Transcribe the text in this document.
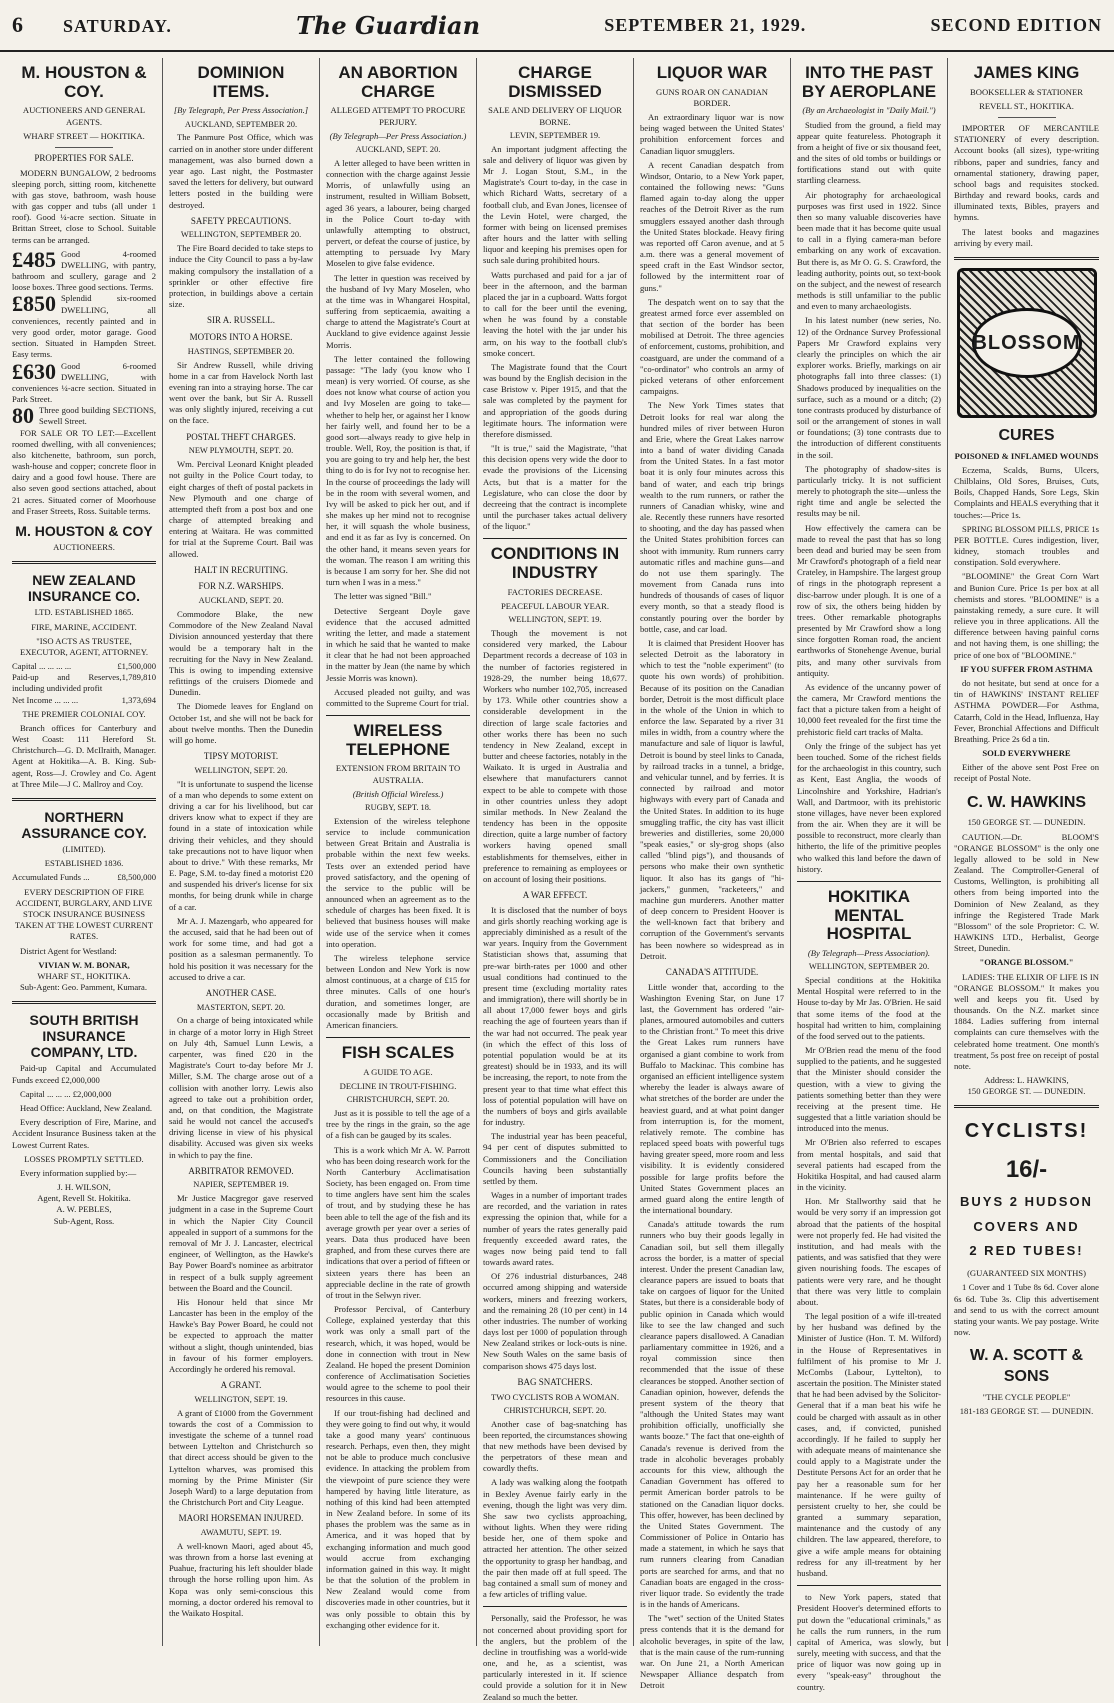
6 SATURDAY.	The Guardian	SEPTEMBER 21, 1929.	SECOND EDITION
M. HOUSTON & COY.
AUCTIONEERS AND GENERAL AGENTS.
WHARF STREET — HOKITIKA.
PROPERTIES FOR SALE.

MODERN BUNGALOW, 2 bedrooms sleeping porch, sitting room, kitchenette with gas stove, bathroom, wash house with gas copper and tubs (all under 1 roof). Good ¼-acre section. Situate in Brittan Street, close to School. Suitable terms can be arranged.

£485 Good 4-roomed DWELLING, with pantry, bathroom and scullery, garage and 2 loose boxes. Three good sections. Terms.
£850 Splendid six-roomed DWELLING, all conveniences, recently painted and in very good order, motor garage. Good section. Situated in Hampden Street. Easy terms.
£630 Good 6-roomed DWELLING, with conveniences ¼-acre section. Situated in Park Street.
80 Three good building SECTIONS, Sewell Street.

FOR SALE OR TO LET:—Excellent roomed dwelling, with all conveniences; also kitchenette, bathroom, sun porch, wash-house and copper; concrete floor in dairy and a good fowl house. There are also seven good sections attached, about 21 acres. Situated corner of Moorhouse and Fraser Streets, Ross. Suitable terms.

M. HOUSTON & COY
AUCTIONEERS.
NEW ZEALAND INSURANCE CO.
LTD. ESTABLISHED 1865.
FIRE, MARINE, ACCIDENT.
"ISO ACTS AS TRUSTEE, EXECUTOR, AGENT, ATTORNEY.
Capital ... ... ... ...	£1,500,000
Paid-up and Reserves, including undivided profit
1,789,810
Net Income ... ... ...	1,373,694
THE PREMIER COLONIAL COY.

Branch offices for Canterbury and West Coast: 111 Hereford St. Christchurch—G. D. McIlraith, Manager. Agent at Hokitika—A. B. King. Sub-agent, Ross—J. Crowley and Co. Agent at Three Mile—J C. Mallroy and Coy.

NORTHERN ASSURANCE COY.
(LIMITED).
ESTABLISHED 1836.
Accumulated Funds ...	£8,500,000
EVERY DESCRIPTION OF FIRE ACCIDENT, BURGLARY, AND LIVE STOCK INSURANCE BUSINESS TAKEN AT THE LOWEST CURRENT RATES.

District Agent for Westland:

VIVIAN W. M. BONAR,
WHARF ST., HOKITIKA.

Sub-Agent: Geo. Pamment, Kumara.

SOUTH BRITISH INSURANCE COMPANY, LTD.

Paid-up Capital and Accumulated Funds exceed £2,000,000

Capital ... ... ... £2,000,000

Head Office: Auckland, New Zealand.

Every description of Fire, Marine, and Accident Insurance Business taken at the Lowest Current Rates.

LOSSES PROMPTLY SETTLED.

Every information supplied by:—

J. H. WILSON,
Agent, Revell St. Hokitika.
A. W. PEBLES,
Sub-Agent, Ross.
DOMINION ITEMS.
[By Telegraph, Per Press Association.]
AUCKLAND, SEPTEMBER 20.

The Panmure Post Office, which was carried on in another store under different management, was also burned down a year ago. Last night, the Postmaster saved the letters for delivery, but outward letters posted in the building were destroyed.

SAFETY PRECAUTIONS.
WELLINGTON, SEPTEMBER 20.

The Fire Board decided to take steps to induce the City Council to pass a by-law making compulsory the installation of a sprinkler or other effective fire protection, in buildings above a certain size.

SIR A. RUSSELL.
MOTORS INTO A HORSE.
HASTINGS, SEPTEMBER 20.

Sir Andrew Russell, while driving home in a car from Havelock North last evening ran into a straying horse. The car went over the bank, but Sir A. Russell was only slightly injured, receiving a cut on the face.

POSTAL THEFT CHARGES.
NEW PLYMOUTH, SEPT. 20.

Wm. Percival Leonard Knight pleaded not guilty in the Police Court today, to eight charges of theft of postal packets in New Plymouth and one charge of attempted theft from a post box and one charge of attempted breaking and entering at Waitara. He was committed for trial at the Supreme Court. Bail was allowed.

HALT IN RECRUITING.
FOR N.Z. WARSHIPS.
AUCKLAND, SEPT. 20.

Commodore Blake, the new Commodore of the New Zealand Naval Division announced yesterday that there would be a temporary halt in the recruiting for the Navy in New Zealand. This is owing to impending extensive refittings of the cruisers Diomede and Dunedin.

The Diomede leaves for England on October 1st, and she will not be back for about twelve months. Then the Dunedin will go home.

TIPSY MOTORIST.
WELLINGTON, SEPT. 20.

"It is unfortunate to suspend the license of a man who depends to some extent on driving a car for his livelihood, but car drivers know what to expect if they are found in a state of intoxication while driving their vehicles, and they should take precautions not to have liquor when about to drive." With these remarks, Mr E. Page, S.M. to-day fined a motorist £20 and suspended his driver's license for six months, for being drunk while in charge of a car.

Mr A. J. Mazengarb, who appeared for the accused, said that he had been out of work for some time, and had got a position as a salesman permanently. To hold his position it was necessary for the accused to drive a car.

ANOTHER CASE.
MASTERTON, SEPT. 20.

On a charge of being intoxicated while in charge of a motor lorry in High Street on July 4th, Samuel Lunn Lewis, a carpenter, was fined £20 in the Magistrate's Court to-day before Mr J. Miller, S.M. The charge arose out of a collision with another lorry. Lewis also agreed to take out a prohibition order, and, on that condition, the Magistrate said he would not cancel the accused's driving license in view of his physical disability. Accused was given six weeks in which to pay the fine.

ARBITRATOR REMOVED.
NAPIER, SEPTEMBER 19.

Mr Justice Macgregor gave reserved judgment in a case in the Supreme Court in which the Napier City Council appealed in support of a summons for the removal of Mr J. J. Lancaster, electrical engineer, of Wellington, as the Hawke's Bay Power Board's nominee as arbitrator in respect of a bulk supply agreement between the Board and the Council.

His Honour held that since Mr Lancaster has been in the employ of the Hawke's Bay Power Board, he could not be expected to approach the matter without a slight, though unintended, bias in favour of his former employers. Accordingly he ordered his removal.

A GRANT.
WELLINGTON, SEPT. 19.

A grant of £1000 from the Government towards the cost of a Commission to investigate the scheme of a tunnel road between Lyttelton and Christchurch so that direct access should be given to the Lyttelton wharves, was promised this morning by the Prime Minister (Sir Joseph Ward) to a large deputation from the Christchurch Port and City League.

MAORI HORSEMAN INJURED.
AWAMUTU, SEPT. 19.

A well-known Maori, aged about 45, was thrown from a horse last evening at Puahue, fracturing his left shoulder blade through the horse rolling upon him. As Kopa was only semi-conscious this morning, a doctor ordered his removal to the Waikato Hospital.

AN ABORTION CHARGE
ALLEGED ATTEMPT TO PROCURE PERJURY.
(By Telegraph—Per Press Association.)
AUCKLAND, SEPT. 20.

A letter alleged to have been written in connection with the charge against Jessie Morris, of unlawfully using an instrument, resulted in William Bobsett, aged 36 years, a labourer, being charged in the Police Court to-day with unlawfully attempting to obstruct, pervert, or defeat the course of justice, by attempting to persuade Ivy Mary Moselen to give false evidence.

The letter in question was received by the husband of Ivy Mary Moselen, who at the time was in Whangarei Hospital, suffering from septicaemia, awaiting a charge to attend the Magistrate's Court at Auckland to give evidence against Jessie Morris.

The letter contained the following passage: "The lady (you know who I mean) is very worried. Of course, as she does not know what course of action you and Ivy Moselen are going to take—whether to help her, or against her I know her fairly well, and found her to be a good sort—always ready to give help in trouble. Well, Roy, the position is that, if you are going to try and help her, the best thing to do is for Ivy not to recognise her. In the course of proceedings the lady will be in the room with several women, and Ivy will be asked to pick her out, and if she makes up her mind not to recognise her, it will squash the whole business, and end it as far as Ivy is concerned. On the other hand, it means seven years for the woman. The reason I am writing this is because I am sorry for her. She did not turn when I was in a mess."

The letter was signed "Bill."

Detective Sergeant Doyle gave evidence that the accused admitted writing the letter, and made a statement in which he said that he wanted to make it clear that he had not been approached in the matter by Jean (the name by which Jessie Morris was known).

Accused pleaded not guilty, and was committed to the Supreme Court for trial.

WIRELESS TELEPHONE
EXTENSION FROM BRITAIN TO AUSTRALIA.
(British Official Wireless.)
RUGBY, SEPT. 18.

Extension of the wireless telephone service to include communication between Great Britain and Australia is probable within the next few weeks. Tests over an extended period have proved satisfactory, and the opening of the service to the public will be announced when an agreement as to the schedule of charges has been fixed. It is believed that business houses will make wide use of the service when it comes into operation.

The wireless telephone service between London and New York is now almost continuous, at a charge of £15 for three minutes. Calls of one hour's duration, and sometimes longer, are occasionally made by British and American financiers.

FISH SCALES
A GUIDE TO AGE.
DECLINE IN TROUT-FISHING.
CHRISTCHURCH, SEPT. 20.

Just as it is possible to tell the age of a tree by the rings in the grain, so the age of a fish can be gauged by its scales.

This is a work which Mr A. W. Parrott who has been doing research work for the North Canterbury Acclimatisation Society, has been engaged on. From time to time anglers have sent him the scales of trout, and by studying these he has been able to tell the age of the fish and its average growth per year over a series of years. Data thus produced have been graphed, and from these curves there are indications that over a period of fifteen or sixteen years there has been an appreciable decline in the rate of growth of trout in the Selwyn river.

Professor Percival, of Canterbury College, explained yesterday that this work was only a small part of the research, which, it was hoped, would be done in connection with trout in New Zealand. He hoped the present Dominion conference of Acclimatisation Societies would agree to the scheme to pool their resources in this cause.

If our trout-fishing had declined and they were going to find out why, it would take a good many years' continuous research. Perhaps, even then, they might not be able to produce much conclusive evidence. In attacking the problem from the viewpoint of pure science they were hampered by having little literature, as nothing of this kind had been attempted in New Zealand before. In some of its phases the problem was the same as in America, and it was hoped that by exchanging information and much good would accrue from exchanging information gained in this way. It might be that the solution of the problem in New Zealand would come from discoveries made in other countries, but it was only possible to obtain this by exchanging other evidence for it.

CHARGE DISMISSED
SALE AND DELIVERY OF LIQUOR BORNE.
LEVIN, SEPTEMBER 19.

An important judgment affecting the sale and delivery of liquor was given by Mr J. Logan Stout, S.M., in the Magistrate's Court to-day, in the case in which Richard Watts, secretary of a football club, and Evan Jones, licensee of the Levin Hotel, were charged, the former with being on licensed premises after hours and the latter with selling liquor and keeping his premises open for such sale during prohibited hours.

Watts purchased and paid for a jar of beer in the afternoon, and the barman placed the jar in a cupboard. Watts forgot to call for the beer until the evening, when he was found by a constable leaving the hotel with the jar under his arm, on his way to the football club's smoke concert.

The Magistrate found that the Court was bound by the English decision in the case Bristow v. Piper 1915, and that the sale was completed by the payment for and appropriation of the goods during legitimate hours. The information were therefore dismissed.

"It is true," said the Magistrate, "that this decision opens very wide the door to evade the provisions of the Licensing Acts, but that is a matter for the Legislature, who can close the door by decreeing that the contract is incomplete until the purchaser takes actual delivery of the liquor."

CONDITIONS IN INDUSTRY
FACTORIES DECREASE.
PEACEFUL LABOUR YEAR.
WELLINGTON, SEPT. 19.

Though the movement is not considered very marked, the Labour Department records a decrease of 103 in the number of factories registered in 1928-29, the number being 18,677. Workers who number 102,705, increased by 173. While other countries show a considerable development in the direction of large scale factories and other works there has been no such tendency in New Zealand, except in butter and cheese factories, notably in the Waikato. It is urged in Australia and elsewhere that manufacturers cannot expect to be able to compete with those in other countries unless they adopt similar methods. In New Zealand the tendency has been in the opposite direction, quite a large number of factory workers having opened small establishments for themselves, either in preference to remaining as employees or on account of losing their positions.

A WAR EFFECT.

It is disclosed that the number of boys and girls shortly reaching working age is appreciably diminished as a result of the war years. Inquiry from the Government Statistician shows that, assuming that pre-war birth-rates per 1000 and other usual conditions had continued to the present time (excluding mortality rates and immigration), there will shortly be in all about 17,000 fewer boys and girls reaching the age of fourteen years than if the war had not occurred. The peak year (in which the effect of this loss of potential population would be at its greatest) should be in 1933, and its will be increasing, the report, to note from the present year to that time what effect this loss of potential population will have on the numbers of boys and girls available for industry.

The industrial year has been peaceful, 94 per cent of disputes submitted to Commissioners and the Conciliation Councils having been substantially settled by them.

Wages in a number of important trades are recorded, and the variation in rates expressing the opinion that, while for a number of years the rates generally paid frequently exceeded award rates, the wages now being paid tend to fall towards award rates.

Of 276 industrial disturbances, 248 occurred among shipping and waterside workers, miners and freezing workers, and the remaining 28 (10 per cent) in 14 other industries. The number of working days lost per 1000 of population through New Zealand strikes or lock-outs is nine. New South Wales on the same basis of comparison shows 475 days lost.

BAG SNATCHERS.
TWO CYCLISTS ROB A WOMAN.
CHRISTCHURCH, SEPT. 20.

Another case of bag-snatching has been reported, the circumstances showing that new methods have been devised by the perpetrators of these mean and cowardly thefts.

A lady was walking along the footpath in Bexley Avenue fairly early in the evening, though the light was very dim. She saw two cyclists approaching, without lights. When they were riding beside her, one of them spoke and attracted her attention. The other seized the opportunity to grasp her handbag, and the pair then made off at full speed. The bag contained a small sum of money and a few articles of trifling value.

Personally, said the Professor, he was not concerned about providing sport for the anglers, but the problem of the decline in troutfishing was a world-wide one, and he, as a scientist, was particularly interested in it. If science could provide a solution for it in New Zealand so much the better.

LIQUOR WAR
GUNS ROAR ON CANADIAN BORDER.

An extraordinary liquor war is now being waged between the United States' prohibition enforcement forces and Canadian liquor smugglers.

A recent Canadian despatch from Windsor, Ontario, to a New York paper, contained the following news: "Guns flamed again to-day along the upper reaches of the Detroit River as the rum smugglers essayed another dash through the United States blockade. Heavy firing was reported off Caron avenue, and at 5 a.m. there was a general movement of speed craft in the East Windsor sector, followed by the intermittent roar of guns."

The despatch went on to say that the greatest armed force ever assembled on that section of the border has been mobilised at Detroit. The three agencies of enforcement, customs, prohibition, and coastguard, are under the command of a "co-ordinator" who controls an army of picked veterans of other enforcement campaigns.

The New York Times states that Detroit looks for real war along the hundred miles of river between Huron and Erie, where the Great Lakes narrow into a band of water dividing Canada from the United States. In a fast motor boat it is only four minutes across this band of water, and each trip brings wealth to the rum runners, or rather the runners of Canadian whisky, wine and ale. Recently these runners have resorted to shooting, and the day has passed when the United States prohibition forces can shoot with immunity. Rum runners carry automatic rifles and machine guns—and do not use them sparingly. The movement from Canada runs into hundreds of thousands of cases of liquor every month, so that a steady flood is constantly pouring over the border by bottle, case, and car load.

It is claimed that President Hoover has selected Detroit as the laboratory in which to test the "noble experiment" (to quote his own words) of prohibition. Because of its position on the Canadian border, Detroit is the most difficult place in the whole of the Union in which to enforce the law. Separated by a river 31 miles in width, from a country where the manufacture and sale of liquor is lawful, Detroit is bound by steel links to Canada, by railroad tracks in a tunnel, a bridge, and vehicular tunnel, and by ferries. It is connected by railroad and motor highways with every part of Canada and the United States. In addition to its huge smuggling traffic, the city has vast illicit breweries and distilleries, some 20,000 "speak easies," or sly-grog shops (also called "blind pigs"), and thousands of persons who make their own synthetic liquor. It also has its gangs of "hi-jackers," gunmen, "racketeers," and machine gun murderers. Another matter of deep concern to President Hoover is the well-known fact that bribery and corruption of the Government's servants has been nowhere so widespread as in Detroit.

CANADA'S ATTITUDE.

Little wonder that, according to the Washington Evening Star, on June 17 last, the Government has ordered "air-planes, armoured automobiles and cutters to the Christian front." To meet this drive the Great Lakes rum runners have organised a giant combine to work from Buffalo to Mackinac. This combine has organised an efficient intelligence system whereby the leader is always aware of what stretches of the border are under the heaviest guard, and at what point danger from interruption is, for the moment, relatively remote. The combine has replaced speed boats with powerful tugs having greater speed, more room and less visibility. It is evidently considered possible for large profits before the United States Government places an armed guard along the entire length of the international boundary.

Canada's attitude towards the rum runners who buy their goods legally in Canadian soil, but sell them illegally across the border, is a matter of special interest. Under the present Canadian law, clearance papers are issued to boats that take on cargoes of liquor for the United States, but there is a considerable body of public opinion in Canada which would like to see the law changed and such clearance papers disallowed. A Canadian parliamentary committee in 1926, and a royal commission since then recommended that the issue of these clearances be stopped. Another section of Canadian opinion, however, defends the present system of the theory that "although the United States may want prohibition officially, unofficially she wants booze." The fact that one-eighth of Canada's revenue is derived from the trade in alcoholic beverages probably accounts for this view, although the Canadian Government has offered to permit American border patrols to be stationed on the Canadian liquor docks. This offer, however, has been declined by the United States Government. The Commissioner of Police in Ontario has made a statement, in which he says that rum runners clearing from Canadian ports are searched for arms, and that no Canadian boats are engaged in the cross-river liquor trade. So evidently the trade is in the hands of Americans.

The "wet" section of the United States press contends that it is the demand for alcoholic beverages, in spite of the law, that is the main cause of the rum-running war. On June 21, a North American Newspaper Alliance despatch from Detroit

INTO THE PAST BY AEROPLANE
(By an Archaeologist in "Daily Mail.")

Studied from the ground, a field may appear quite featureless. Photograph it from a height of five or six thousand feet, and the sites of old tombs or buildings or fortifications stand out with quite startling clearness.

Air photography for archaeological purposes was first used in 1922. Since then so many valuable discoveries have been made that it has become quite usual to call in a flying camera-man before embarking on any work of excavation. But there is, as Mr O. G. S. Crawford, the leading authority, points out, so text-book on the subject, and the newest of research methods is still unfamiliar to the public and even to many archaeologists.

In his latest number (new series, No. 12) of the Ordnance Survey Professional Papers Mr Crawford explains very clearly the principles on which the air explorer works. Briefly, markings on air photographs fall into three classes: (1) Shadows produced by inequalities on the surface, such as a mound or a ditch; (2) tone contrasts produced by disturbance of soil or the arrangement of stones in wall or foundations; (3) tone contrasts due to the introduction of different constituents in the soil.

The photography of shadow-sites is particularly tricky. It is not sufficient merely to photograph the site—unless the right time and angle be selected the results may be nil.

How effectively the camera can be made to reveal the past that has so long been dead and buried may be seen from Mr Crawford's photograph of a field near Crateley, in Hampshire. The largest group of rings in the photograph represent a disc-barrow under plough. It is one of a row of six, the others being hidden by trees. Other remarkable photographs presented by Mr Crawford show a long since forgotten Roman road, the ancient earthworks of Stonehenge Avenue, burial pits, and many other survivals from antiquity.

As evidence of the uncanny power of the camera, Mr Crawford mentions the fact that a picture taken from a height of 10,000 feet revealed for the first time the prehistoric field cart tracks of Malta.

Only the fringe of the subject has yet been touched. Some of the richest fields for the archaeologist in this country, such as Kent, East Anglia, the woods of Lincolnshire and Yorkshire, Hadrian's Wall, and Dartmoor, with its prehistoric stone villages, have never been explored from the air. When they are it will be possible to reconstruct, more clearly than hitherto, the life of the primitive peoples who walked this land before the dawn of history.

HOKITIKA MENTAL HOSPITAL
(By Telegraph—Press Association).
WELLINGTON, SEPTEMBER 20.

Special conditions at the Hokitika Mental Hospital were referred to in the House to-day by Mr Jas. O'Brien. He said that some items of the food at the hospital had written to him, complaining of the food served out to the patients.

Mr O'Brien read the menu of the food supplied to the patients, and he suggested that the Minister should consider the question, with a view to giving the patients something better than they were receiving at the present time. He suggested that a little variation should be introduced into the menus.

Mr O'Brien also referred to escapes from mental hospitals, and said that several patients had escaped from the Hokitika Hospital, and had caused alarm in the vicinity.

Hon. Mr Stallworthy said that he would be very sorry if an impression got abroad that the patients of the hospital were not properly fed. He had visited the institution, and had meals with the patients, and was satisfied that they were given nourishing foods. The escapes of patients were very rare, and he thought that there was very little to complain about.

The legal position of a wife ill-treated by her husband was defined by the Minister of Justice (Hon. T. M. Wilford) in the House of Representatives in fulfilment of his promise to Mr J. McCombs (Labour, Lyttelton), to ascertain the position. The Minister stated that he had been advised by the Solicitor-General that if a man beat his wife he could be charged with assault as in other cases, and, if convicted, punished accordingly. If he failed to supply her with adequate means of maintenance she could apply to a Magistrate under the Destitute Persons Act for an order that he pay her a reasonable sum for her maintenance. If he were guilty of persistent cruelty to her, she could be granted a summary separation, maintenance and the custody of any children. The law appeared, therefore, to give a wife ample means for obtaining redress for any ill-treatment by her husband.

to New York papers, stated that President Hoover's determined efforts to put down the "educational criminals," as he calls the rum runners, in the rum capital of America, was slowly, but surely, meeting with success, and that the price of liquor was now going up in every "speak-easy" throughout the country.

JAMES KING
BOOKSELLER & STATIONER
REVELL ST., HOKITIKA.

IMPORTER OF MERCANTILE STATIONERY of every description. Account books (all sizes), type-writing ribbons, paper and sundries, fancy and ornamental stationery, drawing paper, school bags and requisites stocked. Birthday and reward books, cards and illuminated texts, Bibles, prayers and hymns.

The latest books and magazines arriving by every mail.

BLOSSOM
CURES
POISONED & INFLAMED WOUNDS

Eczema, Scalds, Burns, Ulcers, Chilblains, Old Sores, Bruises, Cuts, Boils, Chapped Hands, Sore Legs, Skin Complaints and HEALS everything that it touches:—Price 1s.

SPRING BLOSSOM PILLS, PRICE 1s PER BOTTLE. Cures indigestion, liver, kidney, stomach troubles and constipation. Sold everywhere.

"BLOOMINE" the Great Corn Wart and Bunion Cure. Price 1s per box at all chemists and stores. "BLOOMINE" is a painstaking remedy, a sure cure. It will relieve you in three applications. All the difference between having painful corns and not having them, is one shilling; the price of one box of "BLOOMINE."

IF YOU SUFFER FROM ASTHMA

do not hesitate, but send at once for a tin of HAWKINS' INSTANT RELIEF ASTHMA POWDER—For Asthma, Catarrh, Cold in the Head, Influenza, Hay Fever, Bronchial Affections and Difficult Breathing. Price 2s 6d a tin.

SOLD EVERYWHERE

Either of the above sent Post Free on receipt of Postal Note.

C. W. HAWKINS
150 GEORGE ST. — DUNEDIN.

CAUTION.—Dr. BLOOM'S "ORANGE BLOSSOM" is the only one legally allowed to be sold in New Zealand. The Comptroller-General of Customs, Wellington, is prohibiting all others from being imported into the Dominion of New Zealand, as they infringe the Registered Trade Mark "Blossom" of the sole Proprietor: C. W. HAWKINS LTD., Herbalist, George Street, Dunedin.

"ORANGE BLOSSOM."

LADIES: THE ELIXIR OF LIFE IS IN "ORANGE BLOSSOM." It makes you well and keeps you fit. Used by thousands. On the N.Z. market since 1884. Ladies suffering from internal complaints can cure themselves with the celebrated home treatment. One month's treatment, 5s post free on receipt of postal note.

Address: L. HAWKINS,
150 GEORGE ST. — DUNEDIN.
CYCLISTS!
16/-
BUYS 2 HUDSON
COVERS AND
2 RED TUBES!
(GUARANTEED SIX MONTHS)

1 Cover and 1 Tube 8s 6d. Cover alone 6s 6d. Tube 3s. Clip this advertisement and send to us with the correct amount stating your wants. We pay postage. Write now.

W. A. SCOTT & SONS
"THE CYCLE PEOPLE"
181-183 GEORGE ST. — DUNEDIN.
